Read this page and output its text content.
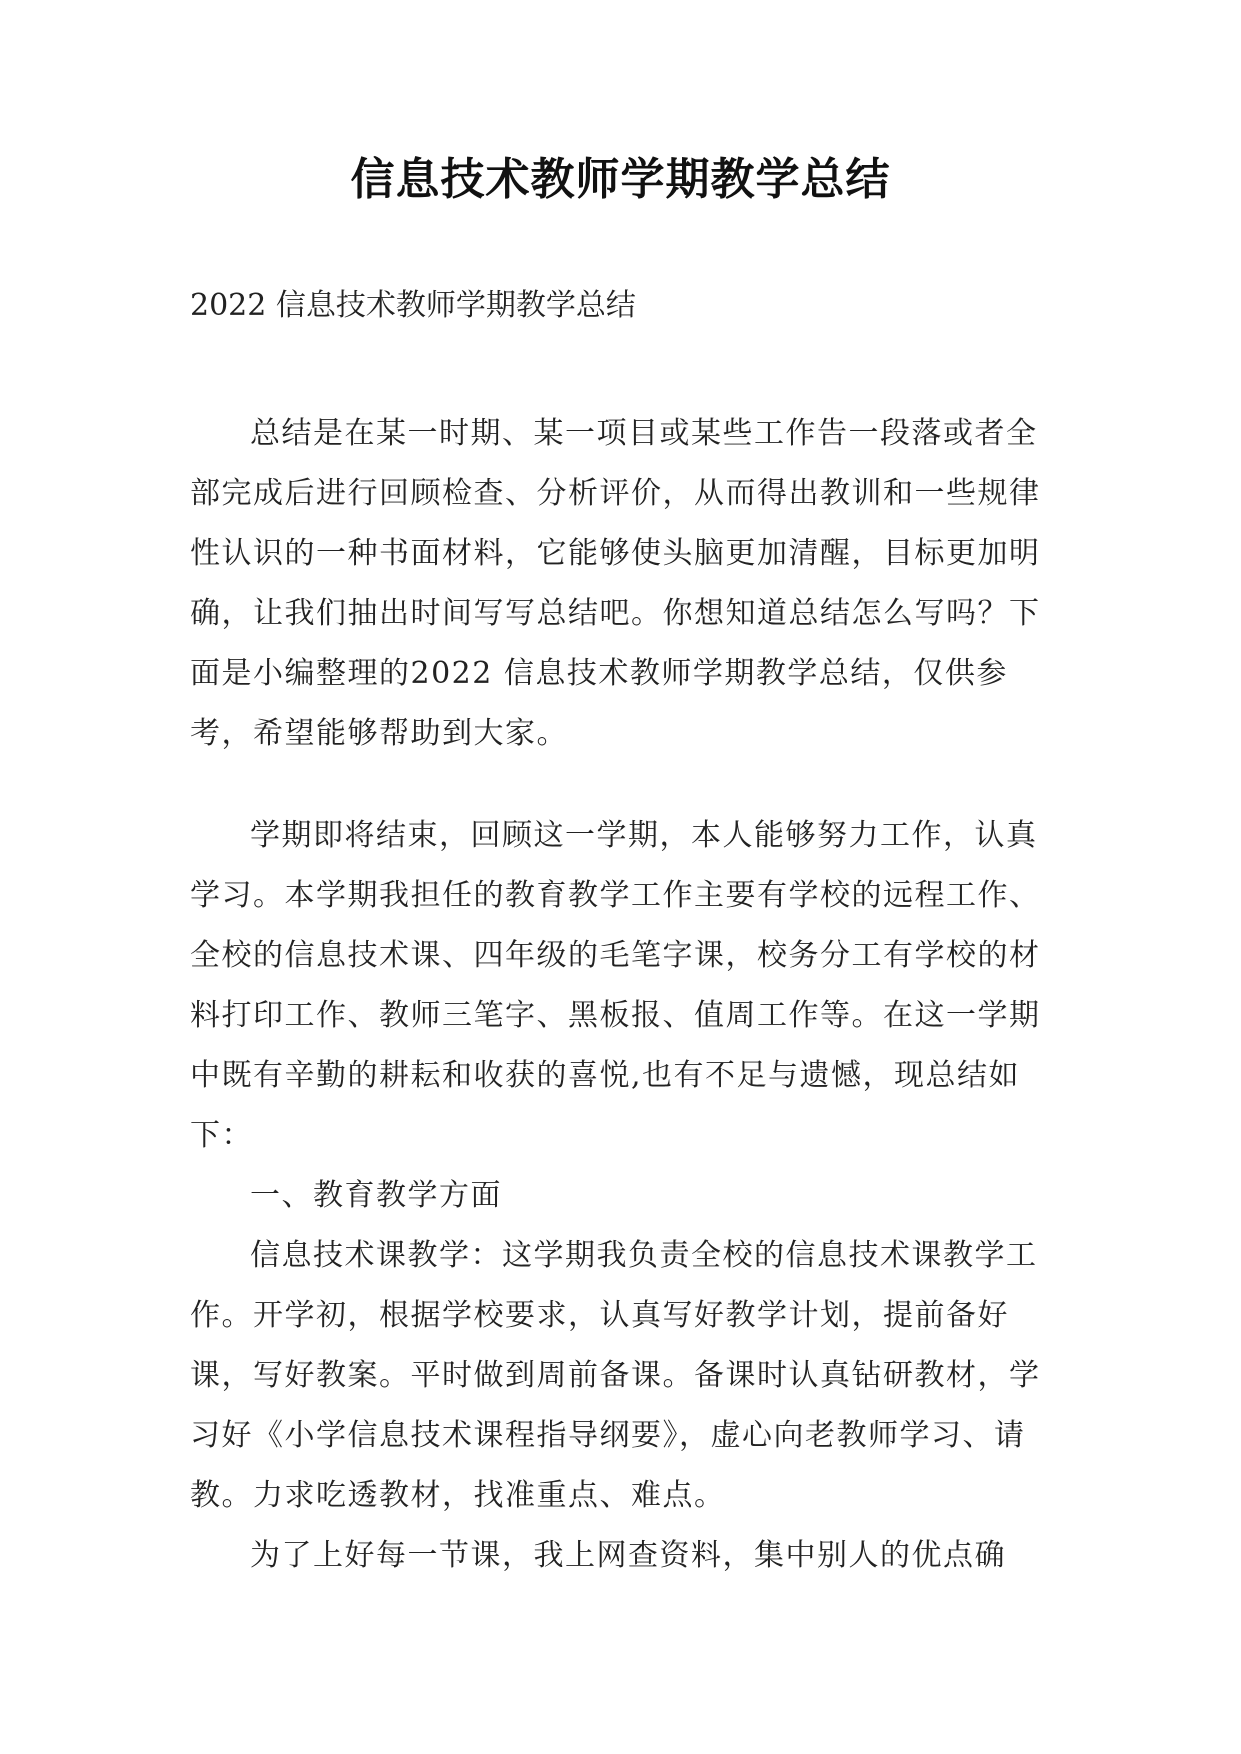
信息技术教师学期教学总结
2022 信息技术教师学期教学总结

总结是在某一时期、某一项目或某些工作告一段落或者全部完成后进行回顾检查、分析评价，从而得出教训和一些规律性认识的一种书面材料，它能够使头脑更加清醒，目标更加明确，让我们抽出时间写写总结吧。你想知道总结怎么写吗？下面是小编整理的2022 信息技术教师学期教学总结，仅供参考，希望能够帮助到大家。

学期即将结束，回顾这一学期，本人能够努力工作，认真学习。本学期我担任的教育教学工作主要有学校的远程工作、全校的信息技术课、四年级的毛笔字课，校务分工有学校的材料打印工作、教师三笔字、黑板报、值周工作等。在这一学期中既有辛勤的耕耘和收获的喜悦,也有不足与遗憾，现总结如下：

一、教育教学方面

信息技术课教学：这学期我负责全校的信息技术课教学工作。开学初，根据学校要求，认真写好教学计划，提前备好课，写好教案。平时做到周前备课。备课时认真钻研教材，学习好《小学信息技术课程指导纲要》，虚心向老教师学习、请教。力求吃透教材，找准重点、难点。

为了上好每一节课，我上网查资料，集中别人的优点确
